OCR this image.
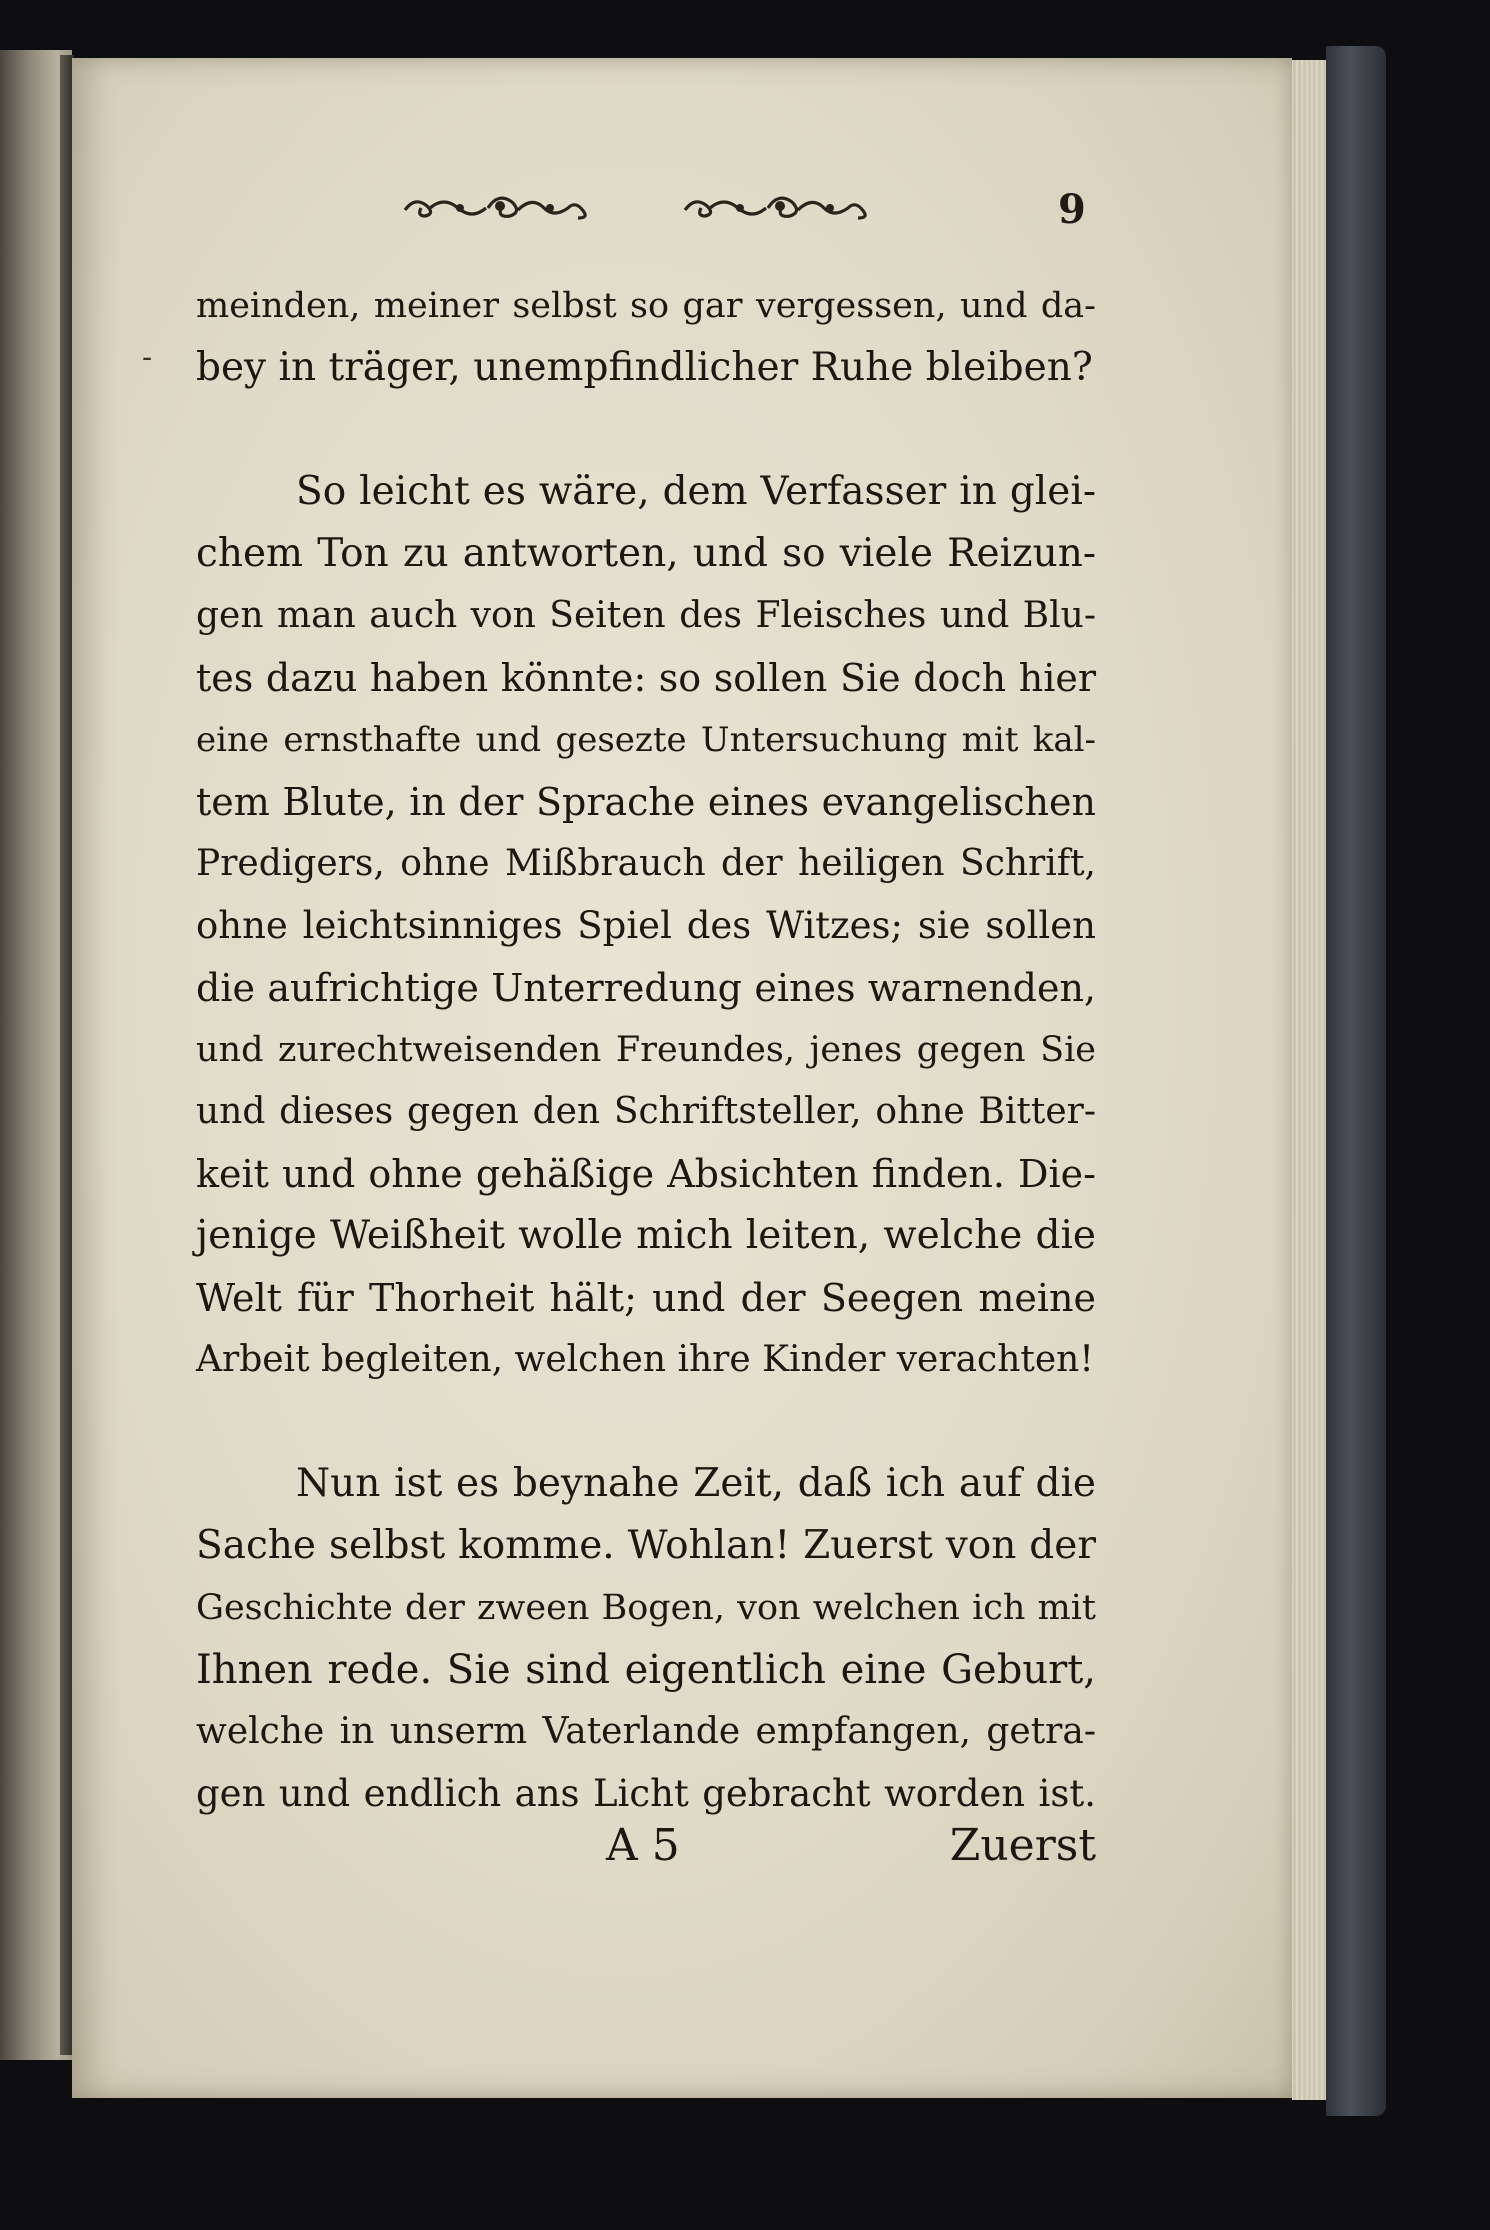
9
-
meinden, meiner selbst so gar vergessen, und da-
bey in träger, unempfindlicher Ruhe bleiben?
So leicht es wäre, dem Verfasser in glei-
chem Ton zu antworten, und so viele Reizun-
gen man auch von Seiten des Fleisches und Blu-
tes dazu haben könnte: so sollen Sie doch hier
eine ernsthafte und gesezte Untersuchung mit kal-
tem Blute, in der Sprache eines evangelischen
Predigers, ohne Mißbrauch der heiligen Schrift,
ohne leichtsinniges Spiel des Witzes; sie sollen
die aufrichtige Unterredung eines warnenden,
und zurechtweisenden Freundes, jenes gegen Sie
und dieses gegen den Schriftsteller, ohne Bitter-
keit und ohne gehäßige Absichten finden. Die-
jenige Weißheit wolle mich leiten, welche die
Welt für Thorheit hält; und der Seegen meine
Arbeit begleiten, welchen ihre Kinder verachten!
Nun ist es beynahe Zeit, daß ich auf die
Sache selbst komme. Wohlan! Zuerst von der
Geschichte der zween Bogen, von welchen ich mit
Ihnen rede. Sie sind eigentlich eine Geburt,
welche in unserm Vaterlande empfangen, getra-
gen und endlich ans Licht gebracht worden ist.
A 5	Zuerst
